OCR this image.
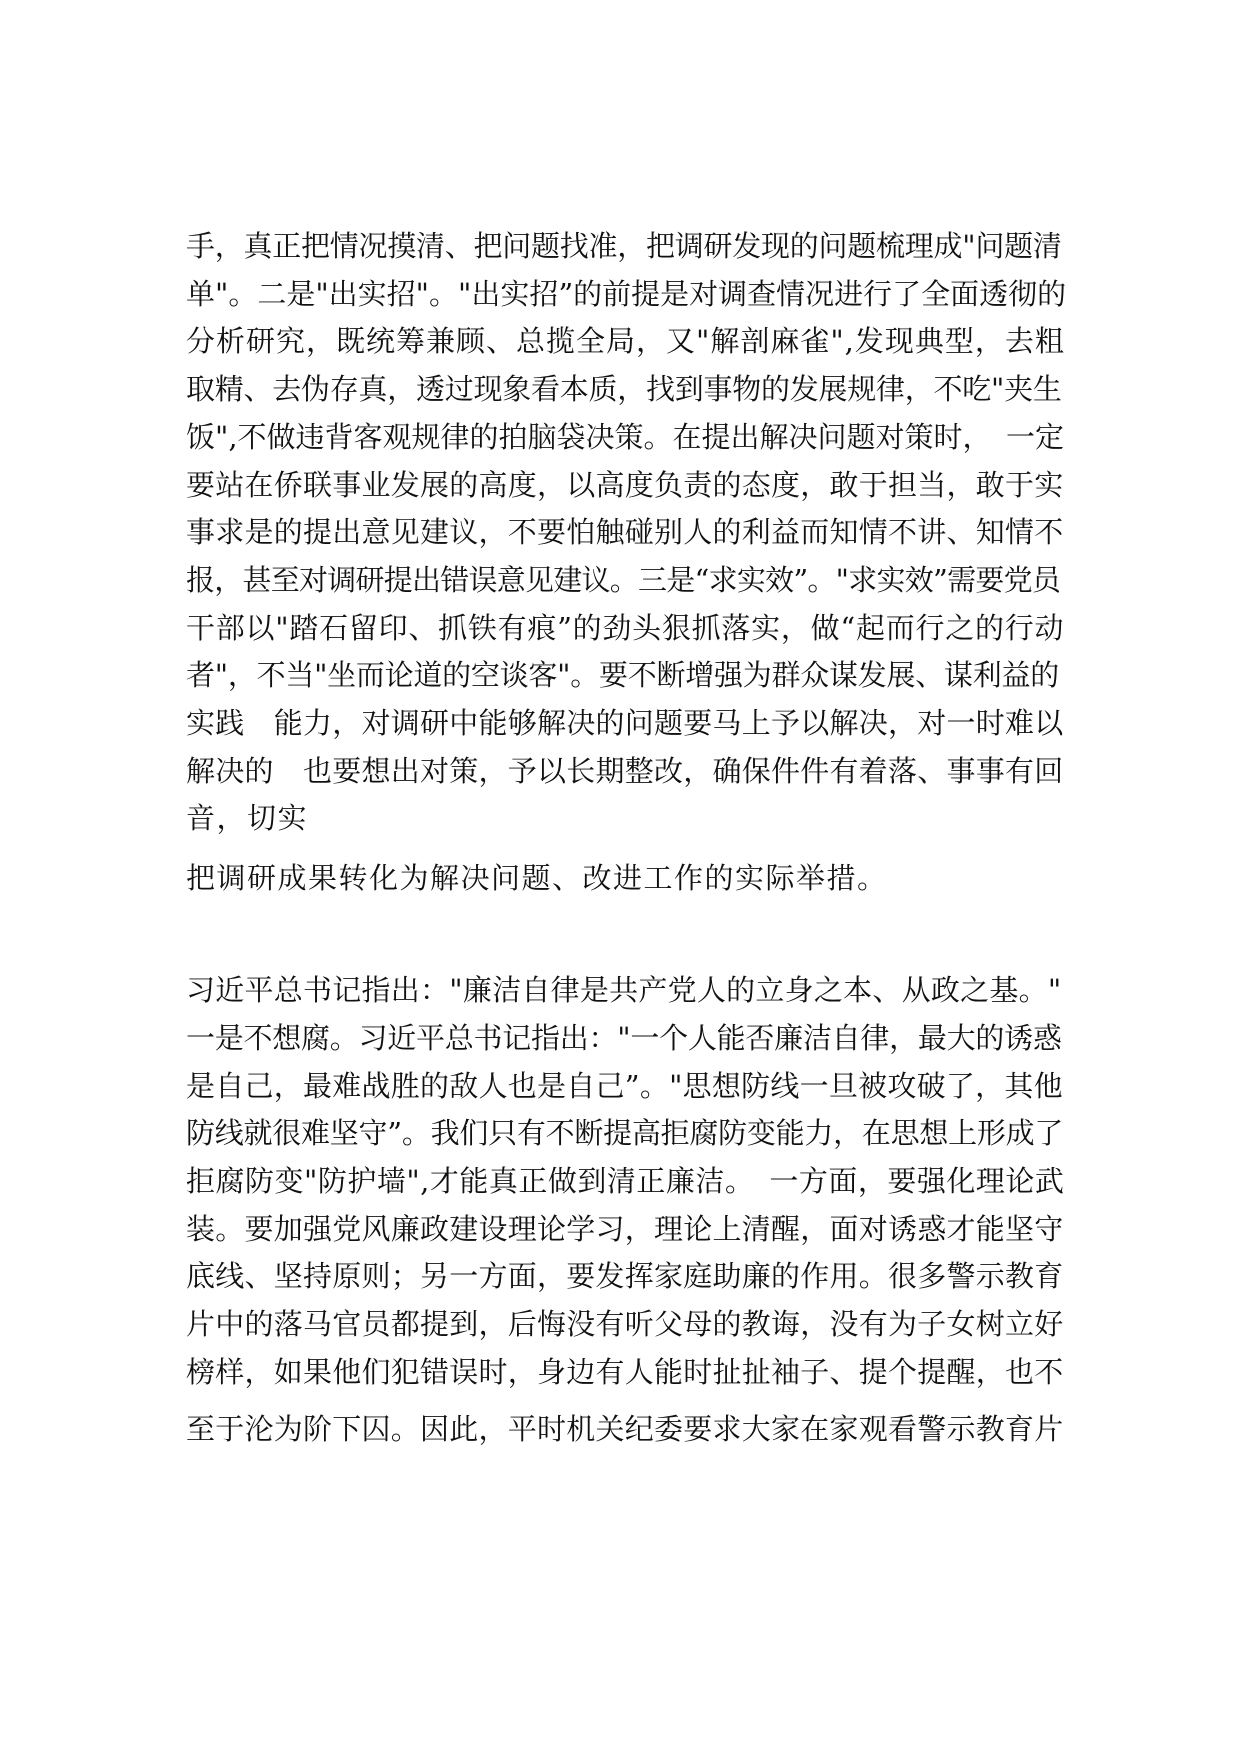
手，真正把情况摸清、把问题找准，把调研发现的问题梳理成"问题清
单"。二是"出实招"。"出实招”的前提是对调查情况进行了全面透彻的
分析研究，既统筹兼顾、总揽全局，又"解剖麻雀",发现典型，去粗
取精、去伪存真，透过现象看本质，找到事物的发展规律，不吃"夹生
饭",不做违背客观规律的拍脑袋决策。在提出解决问题对策时，　一定
要站在侨联事业发展的高度，以高度负责的态度，敢于担当，敢于实
事求是的提出意见建议，不要怕触碰别人的利益而知情不讲、知情不
报，甚至对调研提出错误意见建议。三是“求实效”。"求实效”需要党员
干部以"踏石留印、抓铁有痕”的劲头狠抓落实，做“起而行之的行动
者"，不当"坐而论道的空谈客"。要不断增强为群众谋发展、谋利益的
实践　能力，对调研中能够解决的问题要马上予以解决，对一时难以
解决的　也要想出对策，予以长期整改，确保件件有着落、事事有回
音，切实
把调研成果转化为解决问题、改进工作的实际举措。
习近平总书记指出："廉洁自律是共产党人的立身之本、从政之基。"
一是不想腐。习近平总书记指出："一个人能否廉洁自律，最大的诱惑
是自己，最难战胜的敌人也是自己”。"思想防线一旦被攻破了，其他
防线就很难坚守”。我们只有不断提高拒腐防变能力，在思想上形成了
拒腐防变"防护墙",才能真正做到清正廉洁。　一方面，要强化理论武
装。要加强党风廉政建设理论学习，理论上清醒，面对诱惑才能坚守
底线、坚持原则；另一方面，要发挥家庭助廉的作用。很多警示教育
片中的落马官员都提到，后悔没有听父母的教诲，没有为子女树立好
榜样，如果他们犯错误时，身边有人能时扯扯袖子、提个提醒，也不
至于沦为阶下囚。因此，平时机关纪委要求大家在家观看警示教育片
